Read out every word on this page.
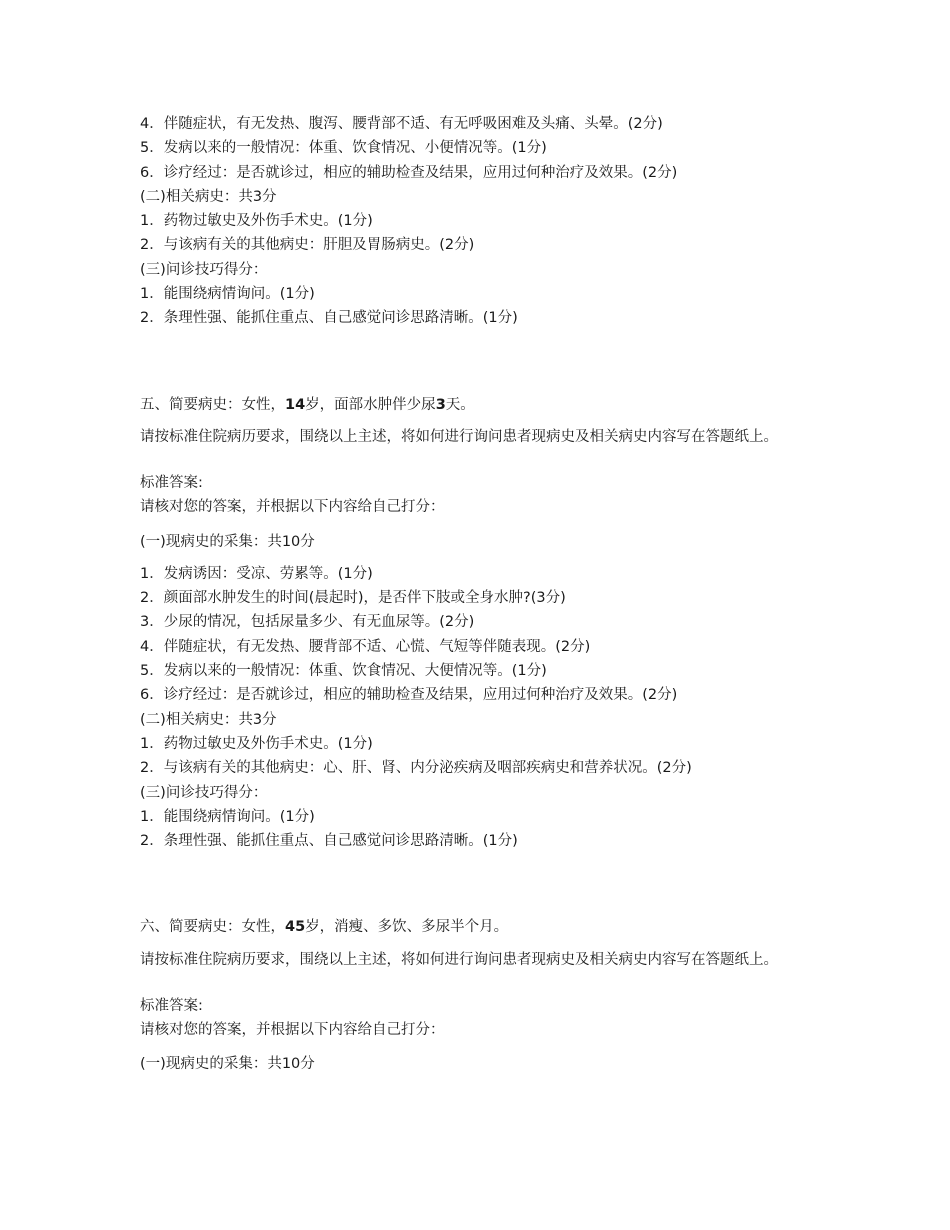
4．伴随症状，有无发热、腹泻、腰背部不适、有无呼吸困难及头痛、头晕。(2分)
5．发病以来的一般情况：体重、饮食情况、小便情况等。(1分)
6．诊疗经过：是否就诊过，相应的辅助检查及结果，应用过何种治疗及效果。(2分)
(二)相关病史：共3分
1．药物过敏史及外伤手术史。(1分)
2．与该病有关的其他病史：肝胆及胃肠病史。(2分)
(三)问诊技巧得分：
1．能围绕病情询问。(1分)
2．条理性强、能抓住重点、自己感觉问诊思路清晰。(1分)
五、简要病史：女性，14岁，面部水肿伴少尿3天。
请按标准住院病历要求，围绕以上主述，将如何进行询问患者现病史及相关病史内容写在答题纸上。
标准答案:
请核对您的答案，并根据以下内容给自己打分：
(一)现病史的采集：共10分
1．发病诱因：受凉、劳累等。(1分)
2．颜面部水肿发生的时间(晨起时)，是否伴下肢或全身水肿?(3分)
3．少尿的情况，包括尿量多少、有无血尿等。(2分)
4．伴随症状，有无发热、腰背部不适、心慌、气短等伴随表现。(2分)
5．发病以来的一般情况：体重、饮食情况、大便情况等。(1分)
6．诊疗经过：是否就诊过，相应的辅助检查及结果，应用过何种治疗及效果。(2分)
(二)相关病史：共3分
1．药物过敏史及外伤手术史。(1分)
2．与该病有关的其他病史：心、肝、肾、内分泌疾病及咽部疾病史和营养状况。(2分)
(三)问诊技巧得分：
1．能围绕病情询问。(1分)
2．条理性强、能抓住重点、自己感觉问诊思路清晰。(1分)
六、简要病史：女性，45岁，消瘦、多饮、多尿半个月。
请按标准住院病历要求，围绕以上主述，将如何进行询问患者现病史及相关病史内容写在答题纸上。
标准答案:
请核对您的答案，并根据以下内容给自己打分：
(一)现病史的采集：共10分
